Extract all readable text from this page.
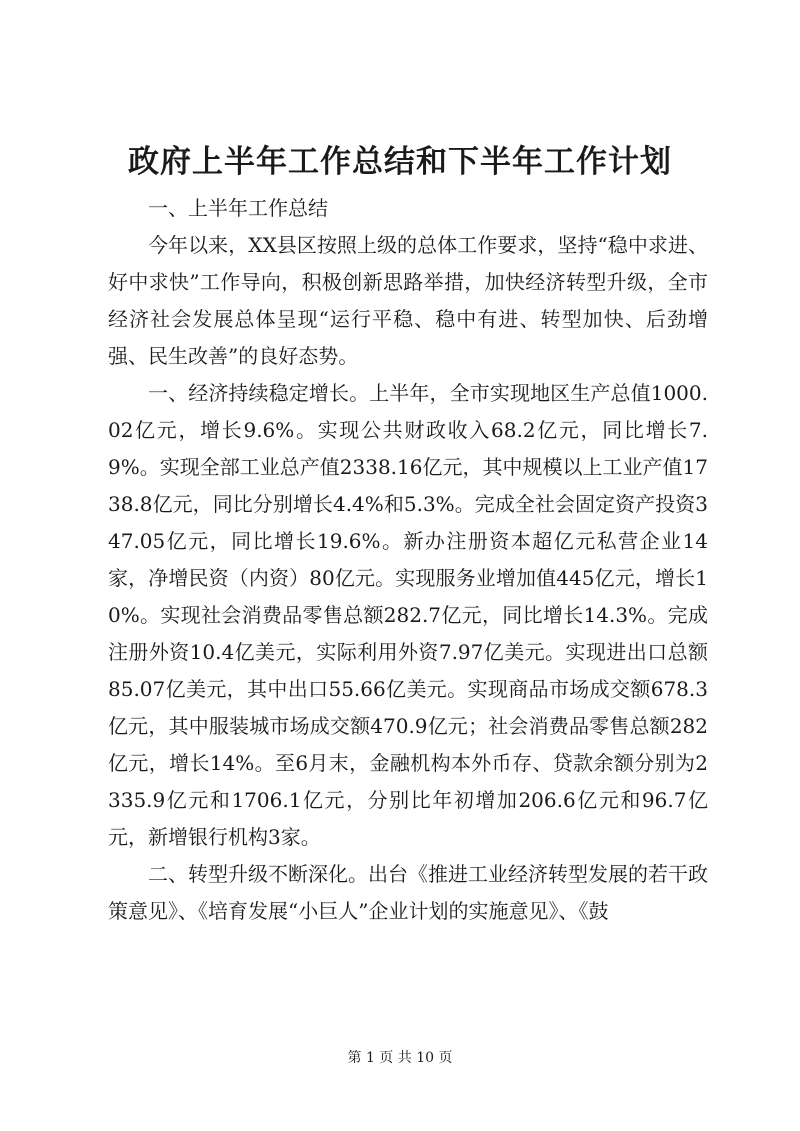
政府上半年工作总结和下半年工作计划

一、上半年工作总结

今年以来，XX县区按照上级的总体工作要求，坚持“稳中求进、好中求快”工作导向，积极创新思路举措，加快经济转型升级，全市经济社会发展总体呈现“运行平稳、稳中有进、转型加快、后劲增强、民生改善”的良好态势。

一、经济持续稳定增长。上半年，全市实现地区生产总值1000.02亿元，增长9.6%。实现公共财政收入68.2亿元，同比增长7.9%。实现全部工业总产值2338.16亿元，其中规模以上工业产值1738.8亿元，同比分别增长4.4%和5.3%。完成全社会固定资产投资347.05亿元，同比增长19.6%。新办注册资本超亿元私营企业14家，净增民资（内资）80亿元。实现服务业增加值445亿元，增长10%。实现社会消费品零售总额282.7亿元，同比增长14.3%。完成注册外资10.4亿美元，实际利用外资7.97亿美元。实现进出口总额85.07亿美元，其中出口55.66亿美元。实现商品市场成交额678.3亿元，其中服装城市场成交额470.9亿元；社会消费品零售总额282亿元，增长14%。至6月末，金融机构本外币存、贷款余额分别为2335.9亿元和1706.1亿元，分别比年初增加206.6亿元和96.7亿元，新增银行机构3家。

二、转型升级不断深化。出台《推进工业经济转型发展的若干政策意见》、《培育发展“小巨人”企业计划的实施意见》、《鼓

第 1 页 共 10 页
